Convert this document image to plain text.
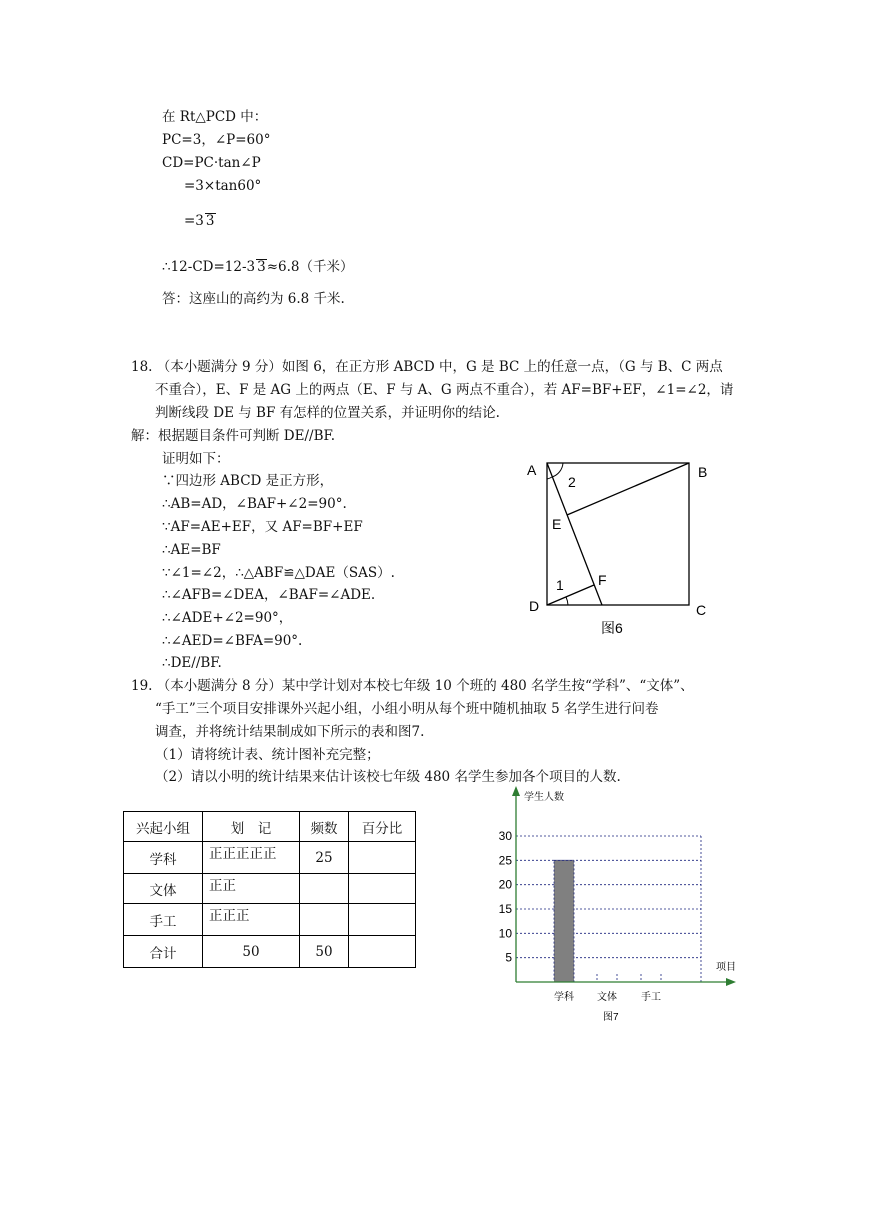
在 Rt△PCD 中：
PC=3，∠P=60°
CD=PC·tan∠P
=3×tan60°
=3 3
∴12-CD=12-3 3≈6.8（千米）
答：这座山的高约为 6.8 千米.
18. （本小题满分 9 分）如图 6，在正方形 ABCD 中，G 是 BC 上的任意一点，（G 与 B、C 两点
不重合），E、F 是 AG 上的两点（E、F 与 A、G 两点不重合），若 AF=BF+EF，∠1=∠2，请
判断线段 DE 与 BF 有怎样的位置关系，并证明你的结论.
解：根据题目条件可判断 DE//BF.
证明如下：
∵四边形 ABCD 是正方形，
∴AB=AD，∠BAF+∠2=90°.
∵AF=AE+EF，又 AF=BF+EF
∴AE=BF
∵∠1=∠2，∴△ABF≌△DAE（SAS）.
∴∠AFB=∠DEA，∠BAF=∠ADE.
∴∠ADE+∠2=90°，
∴∠AED=∠BFA=90°.
∴DE//BF.
A	B
C
D
E
F
2
1
图6
19. （本小题满分 8 分）某中学计划对本校七年级 10 个班的 480 名学生按“学科”、“文体”、
“手工”三个项目安排课外兴起小组，小组小明从每个班中随机抽取 5 名学生进行问卷
调查，并将统计结果制成如下所示的表和图7.
（1）请将统计表、统计图补充完整；
（2）请以小明的统计结果来估计该校七年级 480 名学生参加各个项目的人数.
兴起小组	划　记	频数	百分比
学科	正正正正正	25	
文体	正正		
手工	正正正		
合计	50	50		5
10
15
20
25
30
学科 文体 手工
学生人数
项目
图7
